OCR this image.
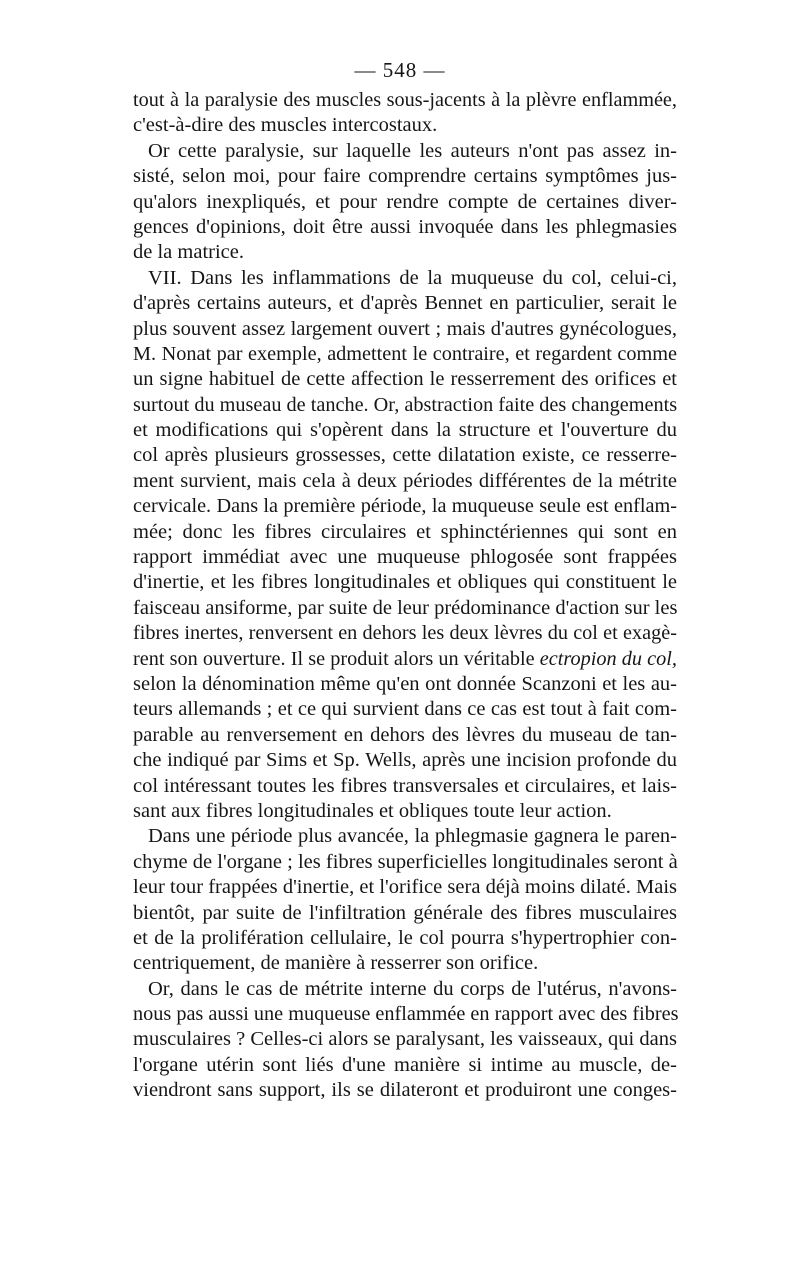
— 548 —
tout à la paralysie des muscles sous-jacents à la plèvre enflammée,
c'est-à-dire des muscles intercostaux.
Or cette paralysie, sur laquelle les auteurs n'ont pas assez in-
sisté, selon moi, pour faire comprendre certains symptômes jus-
qu'alors inexpliqués, et pour rendre compte de certaines diver-
gences d'opinions, doit être aussi invoquée dans les phlegmasies
de la matrice.
VII. Dans les inflammations de la muqueuse du col, celui-ci,
d'après certains auteurs, et d'après Bennet en particulier, serait le
plus souvent assez largement ouvert ; mais d'autres gynécologues,
M. Nonat par exemple, admettent le contraire, et regardent comme
un signe habituel de cette affection le resserrement des orifices et
surtout du museau de tanche. Or, abstraction faite des changements
et modifications qui s'opèrent dans la structure et l'ouverture du
col après plusieurs grossesses, cette dilatation existe, ce resserre-
ment survient, mais cela à deux périodes différentes de la métrite
cervicale. Dans la première période, la muqueuse seule est enflam-
mée; donc les fibres circulaires et sphinctériennes qui sont en
rapport immédiat avec une muqueuse phlogosée sont frappées
d'inertie, et les fibres longitudinales et obliques qui constituent le
faisceau ansiforme, par suite de leur prédominance d'action sur les
fibres inertes, renversent en dehors les deux lèvres du col et exagè-
rent son ouverture. Il se produit alors un véritable ectropion du col,
selon la dénomination même qu'en ont donnée Scanzoni et les au-
teurs allemands ; et ce qui survient dans ce cas est tout à fait com-
parable au renversement en dehors des lèvres du museau de tan-
che indiqué par Sims et Sp. Wells, après une incision profonde du
col intéressant toutes les fibres transversales et circulaires, et lais-
sant aux fibres longitudinales et obliques toute leur action.
Dans une période plus avancée, la phlegmasie gagnera le paren-
chyme de l'organe ; les fibres superficielles longitudinales seront à
leur tour frappées d'inertie, et l'orifice sera déjà moins dilaté. Mais
bientôt, par suite de l'infiltration générale des fibres musculaires
et de la prolifération cellulaire, le col pourra s'hypertrophier con-
centriquement, de manière à resserrer son orifice.
Or, dans le cas de métrite interne du corps de l'utérus, n'avons-
nous pas aussi une muqueuse enflammée en rapport avec des fibres
musculaires ? Celles-ci alors se paralysant, les vaisseaux, qui dans
l'organe utérin sont liés d'une manière si intime au muscle, de-
viendront sans support, ils se dilateront et produiront une conges-
